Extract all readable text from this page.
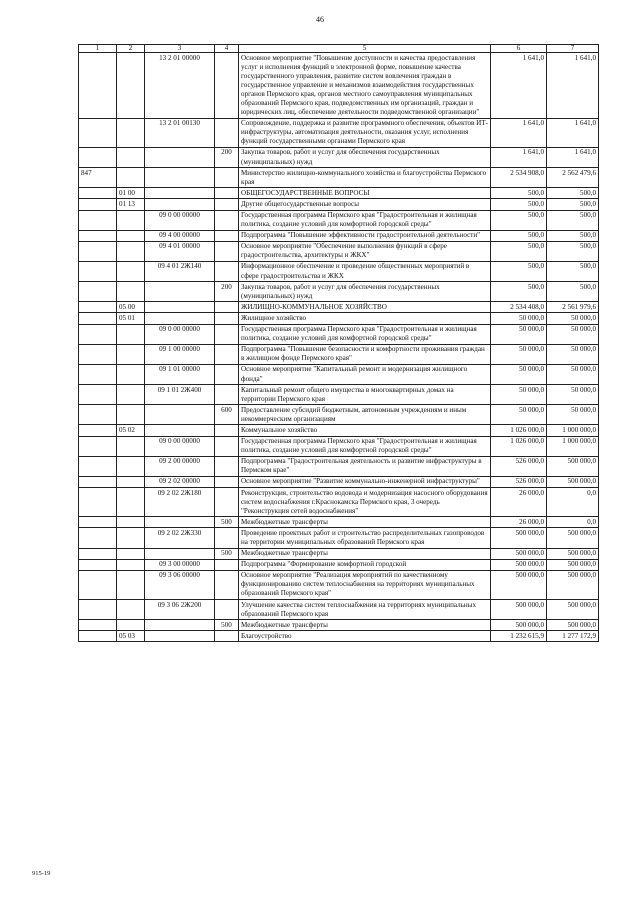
46
1	2	3	4	5	6	7
		13 2 01 00000		Основное мероприятие "Повышение доступности и качества предоставления услуг и исполнения функций в электронной форме, повышение качества государственного управления, развитие систем вовлечения граждан в государственное управление и механизмов взаимодействия государственных органов Пермского края, органов местного самоуправления муниципальных образований Пермского края, подведомственных им организаций, граждан и юридических лиц, обеспечение деятельности подведомственной организации"	1 641,0	1 641,0
		13 2 01 00130		Сопровождение, поддержка и развитие программного обеспечения, объектов ИТ-инфраструктуры, автоматизация деятельности, оказания услуг, исполнения функций государственными органами Пермского края	1 641,0	1 641,0
			200	Закупка товаров, работ и услуг для обеспечения государственных (муниципальных) нужд	1 641,0	1 641,0
847				Министерство жилищно-коммунального хозяйства и благоустройства Пермского края	2 534 908,0	2 562 479,6
	01 00			ОБЩЕГОСУДАРСТВЕННЫЕ ВОПРОСЫ	500,0	500,0
	01 13			Другие общегосударственные вопросы	500,0	500,0
		09 0 00 00000		Государственная программа Пермского края "Градостроительная и жилищная политика, создание условий для комфортной городской среды"	500,0	500,0
		09 4 00 00000		Подпрограмма "Повышение эффективности градостроительной деятельности"	500,0	500,0
		09 4 01 00000		Основное мероприятие "Обеспечение выполнения функций в сфере градостроительства, архитектуры и ЖКХ"	500,0	500,0
		09 4 01 2Ж140		Информационное обеспечение и проведение общественных мероприятий в сфере градостроительства и ЖКХ	500,0	500,0
			200	Закупка товаров, работ и услуг для обеспечения государственных (муниципальных) нужд	500,0	500,0
	05 00			ЖИЛИЩНО-КОММУНАЛЬНОЕ ХОЗЯЙСТВО	2 534 408,0	2 561 979,6
	05 01			Жилищное хозяйство	50 000,0	50 000,0
		09 0 00 00000		Государственная программа Пермского края "Градостроительная и жилищная политика, создание условий для комфортной городской среды"	50 000,0	50 000,0
		09 1 00 00000		Подпрограмма "Повышение безопасности и комфортности проживания граждан в жилищном фонде Пермского края"	50 000,0	50 000,0
		09 1 01 00000		Основное мероприятие "Капитальный ремонт и модернизация жилищного фонда"	50 000,0	50 000,0
		09 1 01 2Ж400		Капитальный ремонт общего имущества в многоквартирных домах на территории Пермского края	50 000,0	50 000,0
			600	Предоставление субсидий бюджетным, автономным учреждениям и иным некоммерческим организациям	50 000,0	50 000,0
	05 02			Коммунальное хозяйство	1 026 000,0	1 000 000,0
		09 0 00 00000		Государственная программа Пермского края "Градостроительная и жилищная политика, создание условий для комфортной городской среды"	1 026 000,0	1 000 000,0
		09 2 00 00000		Подпрограмма "Градостроительная деятельность и развитие инфраструктуры в Пермском крае"	526 000,0	500 000,0
		09 2 02 00000		Основное мероприятие "Развитие коммунально-инженерной инфраструктуры"	526 000,0	500 000,0
		09 2 02 2Ж180		Реконструкция, строительство водовода и модернизация насосного оборудования систем водоснабжения г.Краснокамска Пермского края, 3 очередь "Реконструкция сетей водоснабжения"	26 000,0	0,0
			500	Межбюджетные трансферты	26 000,0	0,0
		09 2 02 2Ж330		Проведение проектных работ и строительство распределительных газопроводов на территории муниципальных образований Пермского края	500 000,0	500 000,0
			500	Межбюджетные трансферты	500 000,0	500 000,0
		09 3 00 00000		Подпрограмма "Формирование комфортной городской	500 000,0	500 000,0
		09 3 06 00000		Основное мероприятие "Реализация мероприятий по качественному функционированию систем теплоснабжения на территориях муниципальных образований Пермского края"	500 000,0	500 000,0
		09 3 06 2Ж200		Улучшение качества систем теплоснабжения на территориях муниципальных образований Пермского края	500 000,0	500 000,0
			500	Межбюджетные трансферты	500 000,0	500 000,0
	05 03			Благоустройство	1 232 615,9	1 277 172,9
915-19
